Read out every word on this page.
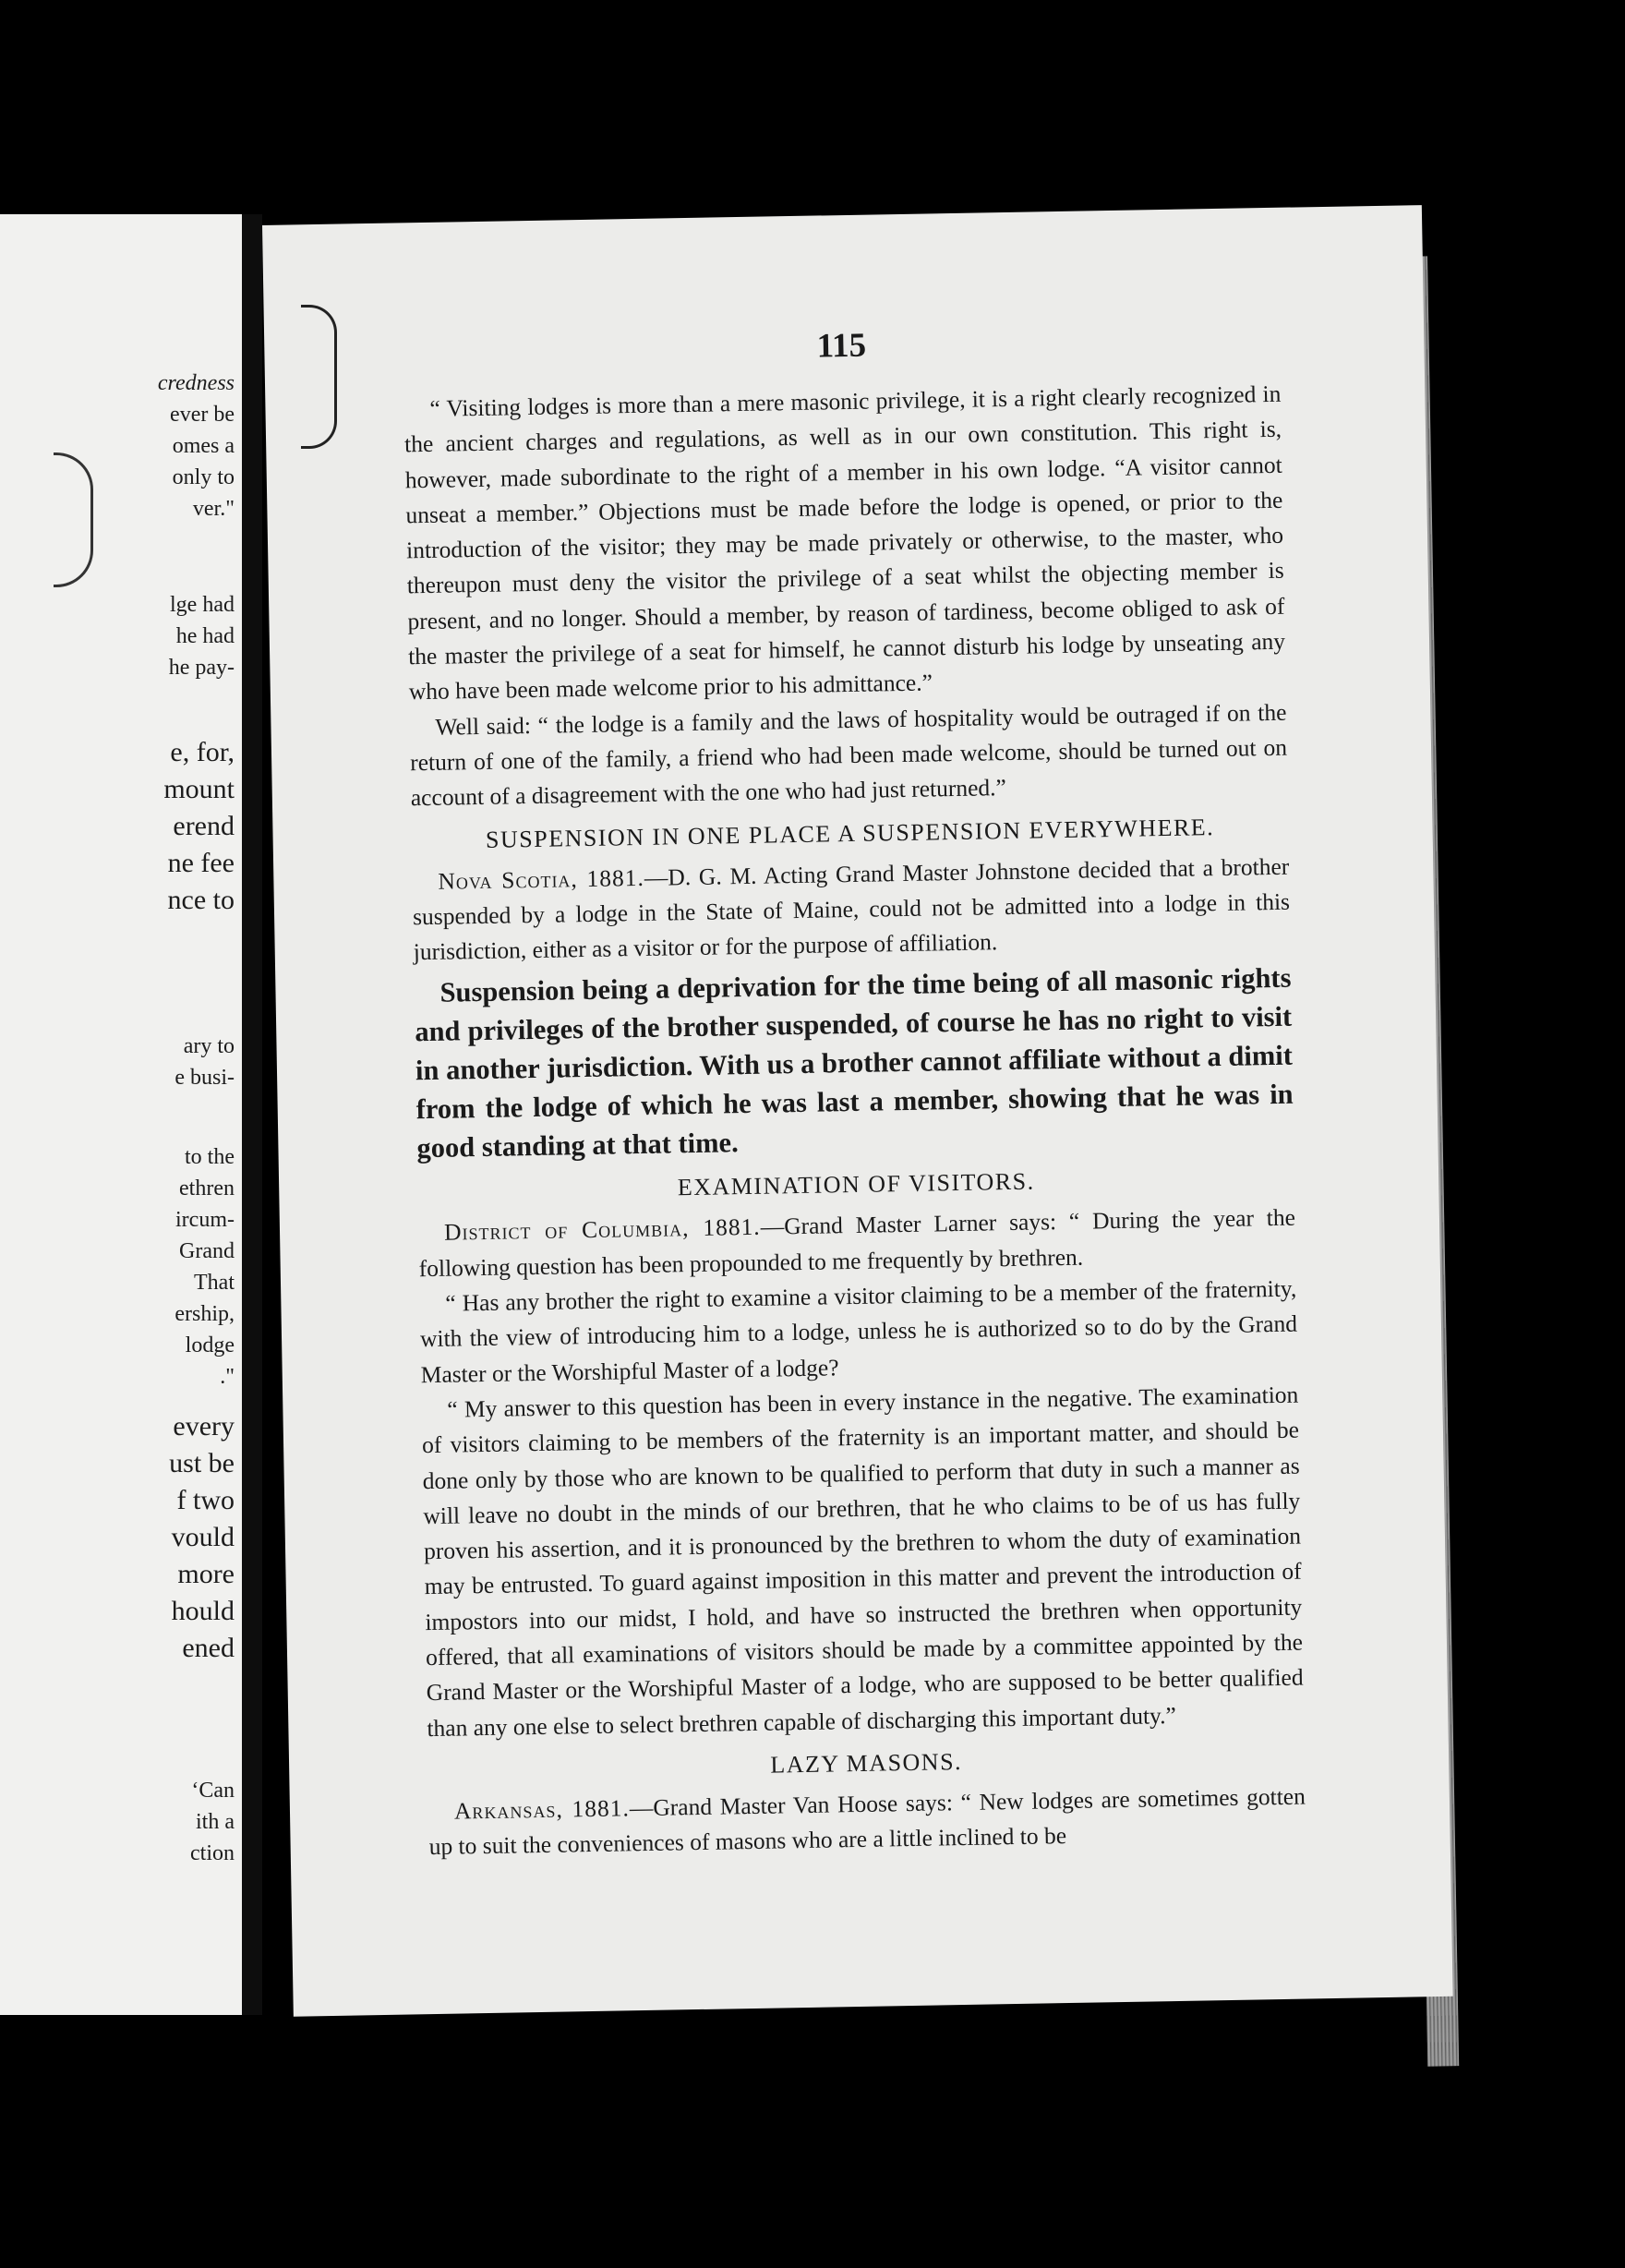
credness
ever be
omes a
only to
ver."
lge had
he had
he pay-
e, for,
mount
erend
ne fee
nce to
ary to
e busi-
to the
ethren
ircum-
Grand
That
ership,
lodge
."
every
ust be
f two
vould
more
hould
ened
‘Can
ith a
ction
115

“ Visiting lodges is more than a mere masonic privilege, it is a right clearly recognized in the ancient charges and regulations, as well as in our own constitution. This right is, however, made subordinate to the right of a member in his own lodge. “A visitor cannot unseat a member.” Objections must be made before the lodge is opened, or prior to the introduction of the visitor; they may be made privately or otherwise, to the master, who thereupon must deny the visitor the privilege of a seat whilst the objecting member is present, and no longer. Should a member, by reason of tardiness, become obliged to ask of the master the privilege of a seat for himself, he cannot disturb his lodge by unseating any who have been made welcome prior to his admittance.”

Well said: “ the lodge is a family and the laws of hospitality would be outraged if on the return of one of the family, a friend who had been made welcome, should be turned out on account of a disagreement with the one who had just returned.”

SUSPENSION IN ONE PLACE A SUSPENSION EVERYWHERE.

Nova Scotia, 1881.—D. G. M. Acting Grand Master Johnstone decided that a brother suspended by a lodge in the State of Maine, could not be admitted into a lodge in this jurisdiction, either as a visitor or for the purpose of affiliation.

Suspension being a deprivation for the time being of all masonic rights and privileges of the brother suspended, of course he has no right to visit in another jurisdiction. With us a brother cannot affiliate without a dimit from the lodge of which he was last a member, showing that he was in good standing at that time.

EXAMINATION OF VISITORS.

District of Columbia, 1881.—Grand Master Larner says: “ During the year the following question has been propounded to me frequently by brethren.

“ Has any brother the right to examine a visitor claiming to be a member of the fraternity, with the view of introducing him to a lodge, unless he is authorized so to do by the Grand Master or the Worshipful Master of a lodge?

“ My answer to this question has been in every instance in the negative. The examination of visitors claiming to be members of the fraternity is an important matter, and should be done only by those who are known to be qualified to perform that duty in such a manner as will leave no doubt in the minds of our brethren, that he who claims to be of us has fully proven his assertion, and it is pronounced by the brethren to whom the duty of examination may be entrusted. To guard against imposition in this matter and prevent the introduction of impostors into our midst, I hold, and have so instructed the brethren when opportunity offered, that all examinations of visitors should be made by a committee appointed by the Grand Master or the Worshipful Master of a lodge, who are supposed to be better qualified than any one else to select brethren capable of discharging this important duty.”

LAZY MASONS.

Arkansas, 1881.—Grand Master Van Hoose says: “ New lodges are sometimes gotten up to suit the conveniences of masons who are a little inclined to be
